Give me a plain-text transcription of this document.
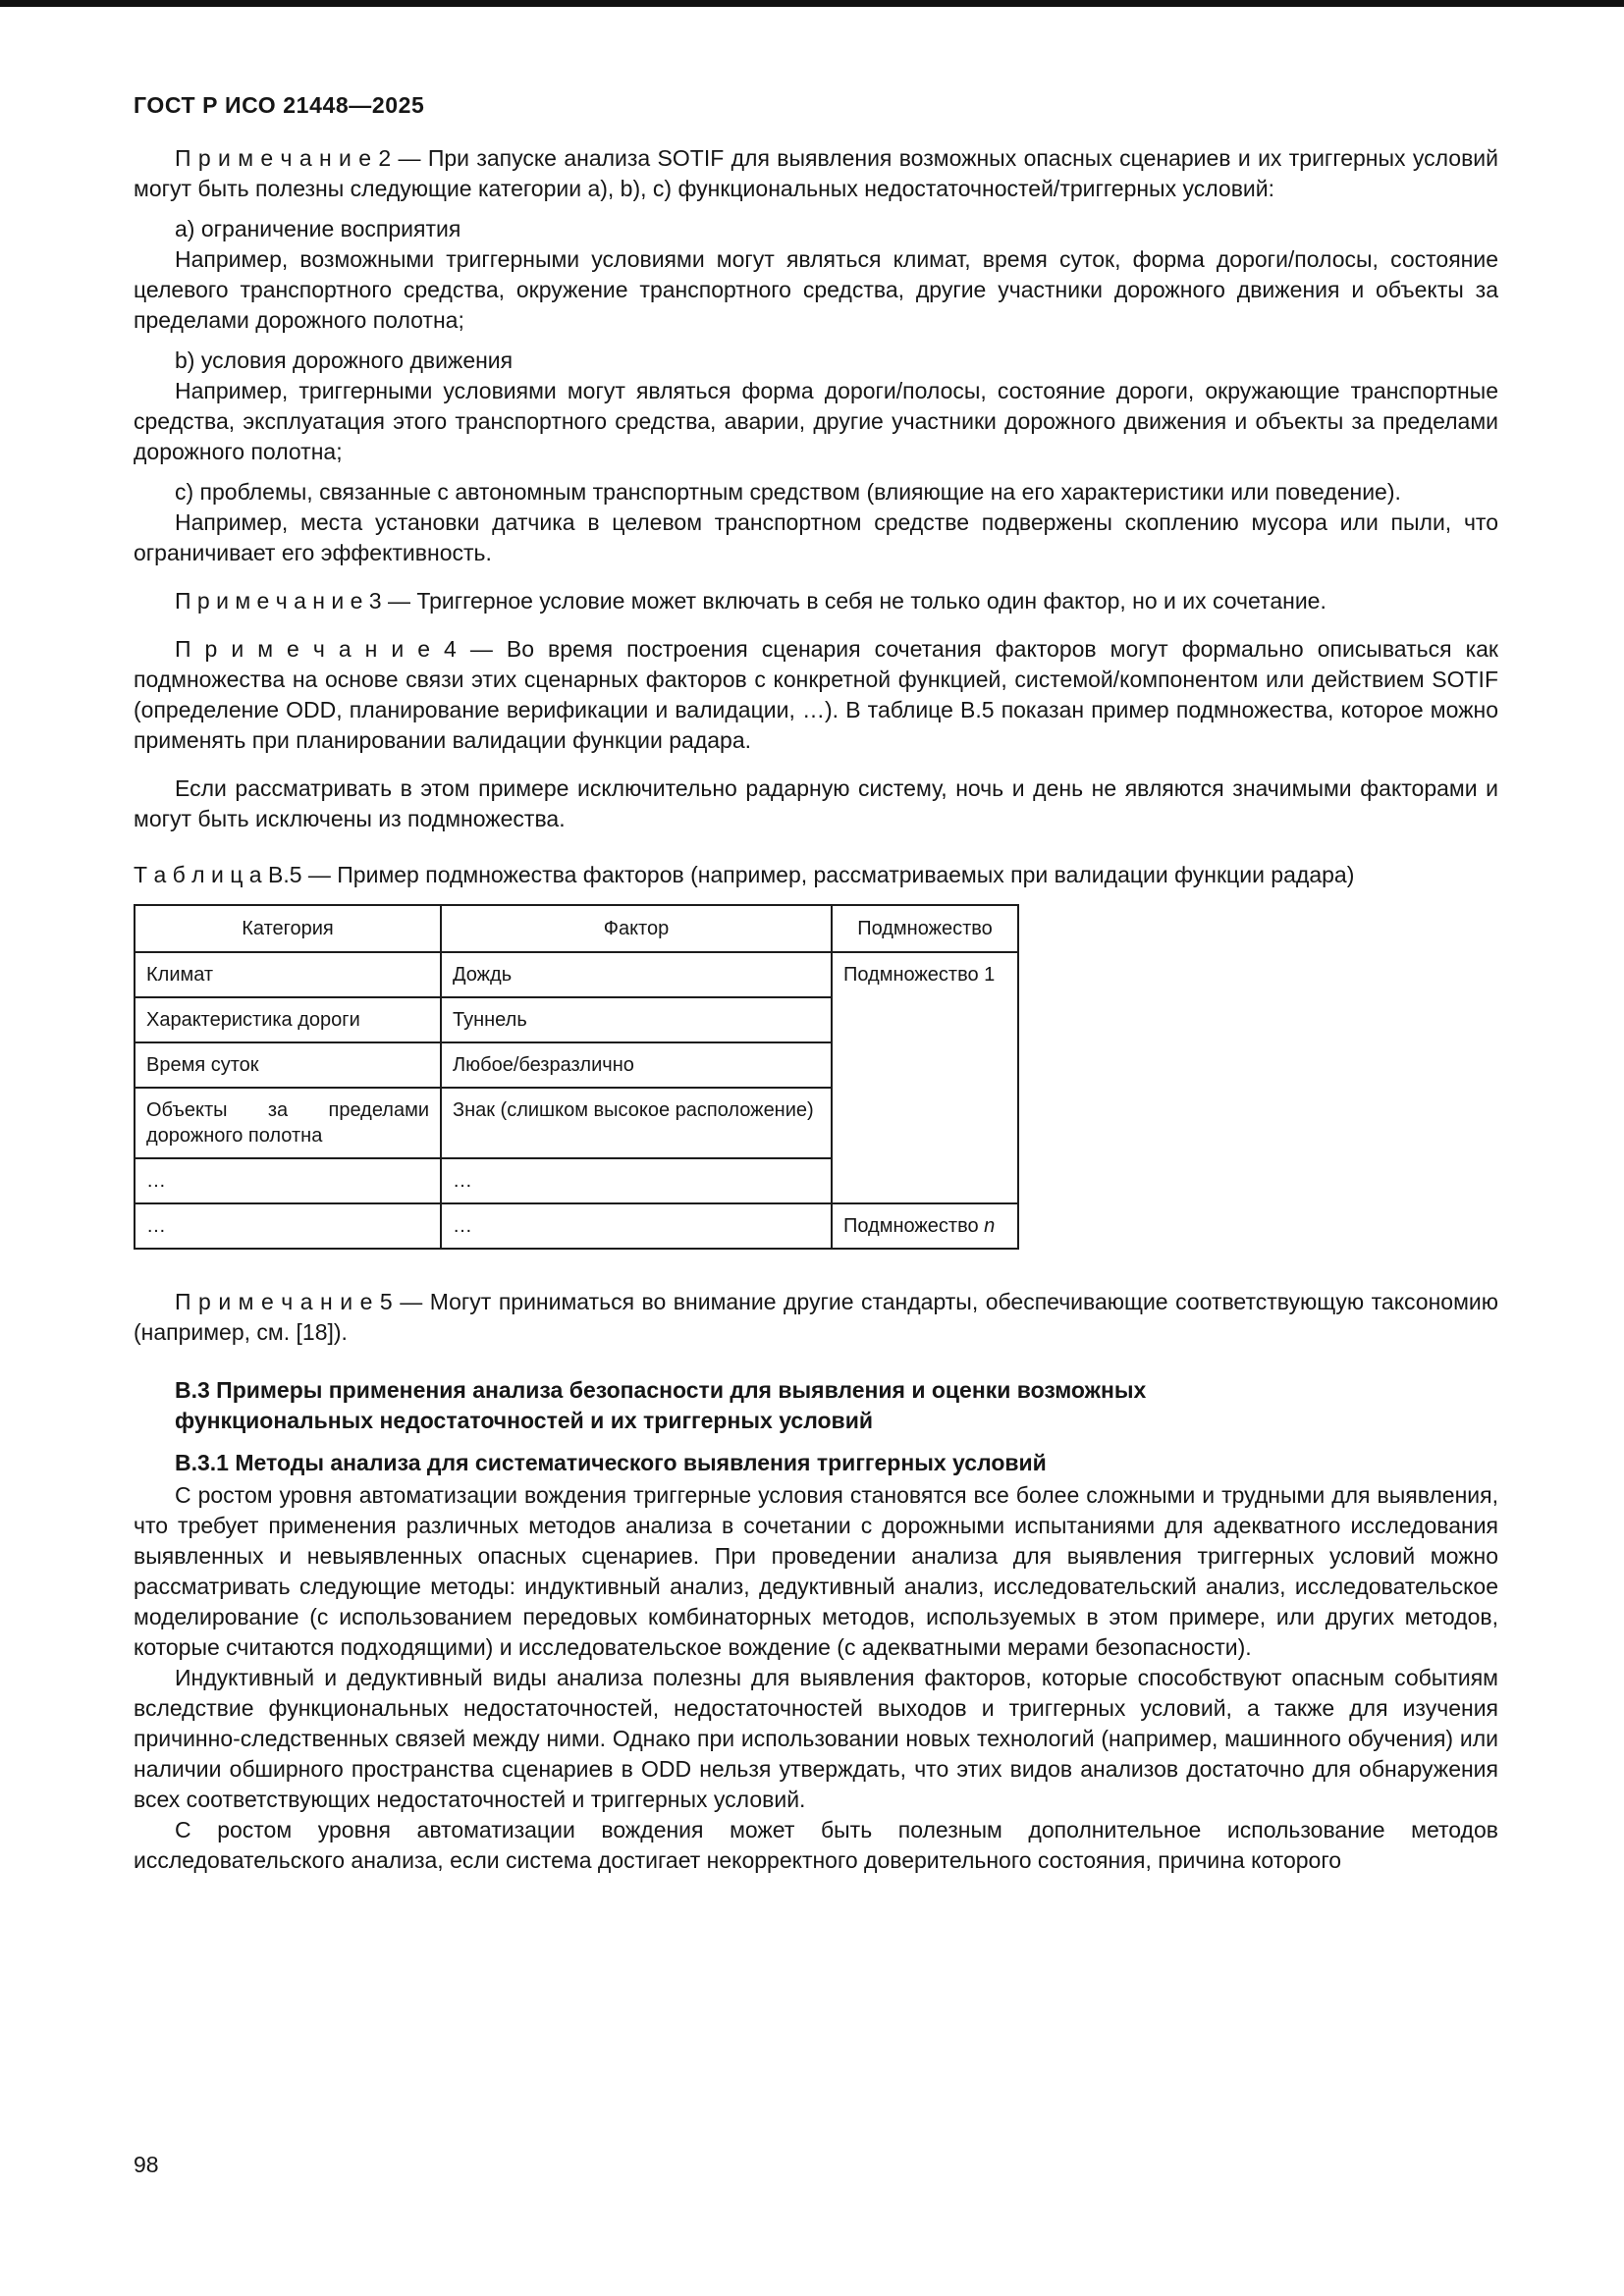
ГОСТ Р ИСО 21448—2025

П р и м е ч а н и е 2 — При запуске анализа SOTIF для выявления возможных опасных сценариев и их триггерных условий могут быть полезны следующие категории a), b), c) функциональных недостаточностей/триггерных условий:

a) ограничение восприятия

Например, возможными триггерными условиями могут являться климат, время суток, форма дороги/полосы, состояние целевого транспортного средства, окружение транспортного средства, другие участники дорожного движения и объекты за пределами дорожного полотна;

b) условия дорожного движения

Например, триггерными условиями могут являться форма дороги/полосы, состояние дороги, окружающие транспортные средства, эксплуатация этого транспортного средства, аварии, другие участники дорожного движения и объекты за пределами дорожного полотна;

c) проблемы, связанные с автономным транспортным средством (влияющие на его характеристики или поведение).

Например, места установки датчика в целевом транспортном средстве подвержены скоплению мусора или пыли, что ограничивает его эффективность.

П р и м е ч а н и е 3 — Триггерное условие может включать в себя не только один фактор, но и их сочетание.

П р и м е ч а н и е 4 — Во время построения сценария сочетания факторов могут формально описываться как подмножества на основе связи этих сценарных факторов с конкретной функцией, системой/компонентом или действием SOTIF (определение ODD, планирование верификации и валидации, …). В таблице В.5 показан пример подмножества, которое можно применять при планировании валидации функции радара.

Если рассматривать в этом примере исключительно радарную систему, ночь и день не являются значимыми факторами и могут быть исключены из подмножества.

Т а б л и ц а В.5 — Пример подмножества факторов (например, рассматриваемых при валидации функции радара)

Категория	Фактор	Подмножество
Климат	Дождь	Подмножество 1
Характеристика дороги	Туннель	
Время суток	Любое/безразлично	
Объекты за пределами дорожного полотна	Знак (слишком высокое расположение)	
…	…	
…	…	Подмножество n

П р и м е ч а н и е 5 — Могут приниматься во внимание другие стандарты, обеспечивающие соответствующую таксономию (например, см. [18]).

В.3 Примеры применения анализа безопасности для выявления и оценки возможных
функциональных недостаточностей и их триггерных условий

В.3.1 Методы анализа для систематического выявления триггерных условий

С ростом уровня автоматизации вождения триггерные условия становятся все более сложными и трудными для выявления, что требует применения различных методов анализа в сочетании с дорожными испытаниями для адекватного исследования выявленных и невыявленных опасных сценариев. При проведении анализа для выявления триггерных условий можно рассматривать следующие методы: индуктивный анализ, дедуктивный анализ, исследовательский анализ, исследовательское моделирование (с использованием передовых комбинаторных методов, используемых в этом примере, или других методов, которые считаются подходящими) и исследовательское вождение (с адекватными мерами безопасности).

Индуктивный и дедуктивный виды анализа полезны для выявления факторов, которые способствуют опасным событиям вследствие функциональных недостаточностей, недостаточностей выходов и триггерных условий, а также для изучения причинно-следственных связей между ними. Однако при использовании новых технологий (например, машинного обучения) или наличии обширного пространства сценариев в ODD нельзя утверждать, что этих видов анализов достаточно для обнаружения всех соответствующих недостаточностей и триггерных условий.

С ростом уровня автоматизации вождения может быть полезным дополнительное использование методов исследовательского анализа, если система достигает некорректного доверительного состояния, причина которого

98
